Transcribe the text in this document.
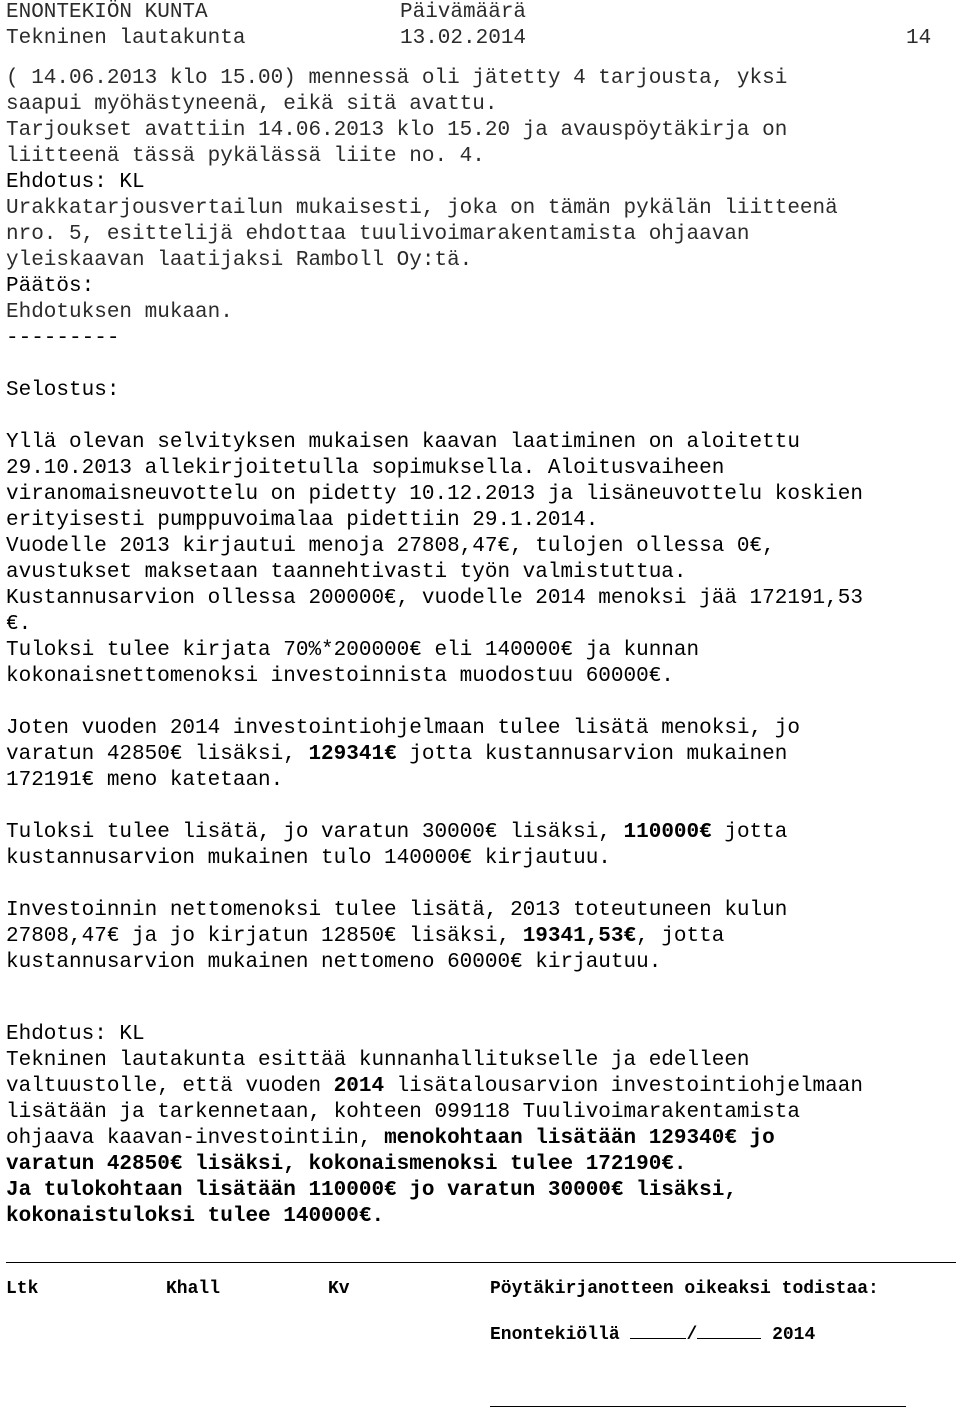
ENONTEKIÖN KUNTA	Päivämäärä
Tekninen lautakunta	13.02.2014	14
( 14.06.2013 klo 15.00) mennessä oli jätetty 4 tarjousta, yksi
saapui myöhästyneenä, eikä sitä avattu.
Tarjoukset avattiin 14.06.2013 klo 15.20 ja avauspöytäkirja on
liitteenä tässä pykälässä liite no. 4.
Ehdotus: KL
Urakkatarjousvertailun mukaisesti, joka on tämän pykälän liitteenä
nro. 5, esittelijä ehdottaa tuulivoimarakentamista ohjaavan
yleiskaavan laatijaksi Ramboll Oy:tä.
Päätös:
Ehdotuksen mukaan.
---------
Selostus:
Yllä olevan selvityksen mukaisen kaavan laatiminen on aloitettu
29.10.2013 allekirjoitetulla sopimuksella. Aloitusvaiheen
viranomaisneuvottelu on pidetty 10.12.2013 ja lisäneuvottelu koskien
erityisesti pumppuvoimalaa pidettiin 29.1.2014.
Vuodelle 2013 kirjautui menoja 27808,47€, tulojen ollessa 0€,
avustukset maksetaan taannehtivasti työn valmistuttua.
Kustannusarvion ollessa 200000€, vuodelle 2014 menoksi jää 172191,53
€.
Tuloksi tulee kirjata 70%*200000€ eli 140000€ ja kunnan
kokonaisnettomenoksi investoinnista muodostuu 60000€.
Joten vuoden 2014 investointiohjelmaan tulee lisätä menoksi, jo
varatun 42850€ lisäksi, 129341€ jotta kustannusarvion mukainen
172191€ meno katetaan.
Tuloksi tulee lisätä, jo varatun 30000€ lisäksi, 110000€ jotta
kustannusarvion mukainen tulo 140000€ kirjautuu.
Investoinnin nettomenoksi tulee lisätä, 2013 toteutuneen kulun
27808,47€ ja jo kirjatun 12850€ lisäksi, 19341,53€, jotta
kustannusarvion mukainen nettomeno 60000€ kirjautuu.
Ehdotus: KL
Tekninen lautakunta esittää kunnanhallitukselle ja edelleen
valtuustolle, että vuoden 2014 lisätalousarvion investointiohjelmaan
lisätään ja tarkennetaan, kohteen 099118 Tuulivoimarakentamista
ohjaava kaavan-investointiin, menokohtaan lisätään 129340€ jo
varatun 42850€ lisäksi, kokonaismenoksi tulee 172190€.
Ja tulokohtaan lisätään 110000€ jo varatun 30000€ lisäksi,
kokonaistuloksi tulee 140000€.
Ltk	Khall	Kv	Pöytäkirjanotteen oikeaksi todistaa:
Enontekiöllä	/	2014
